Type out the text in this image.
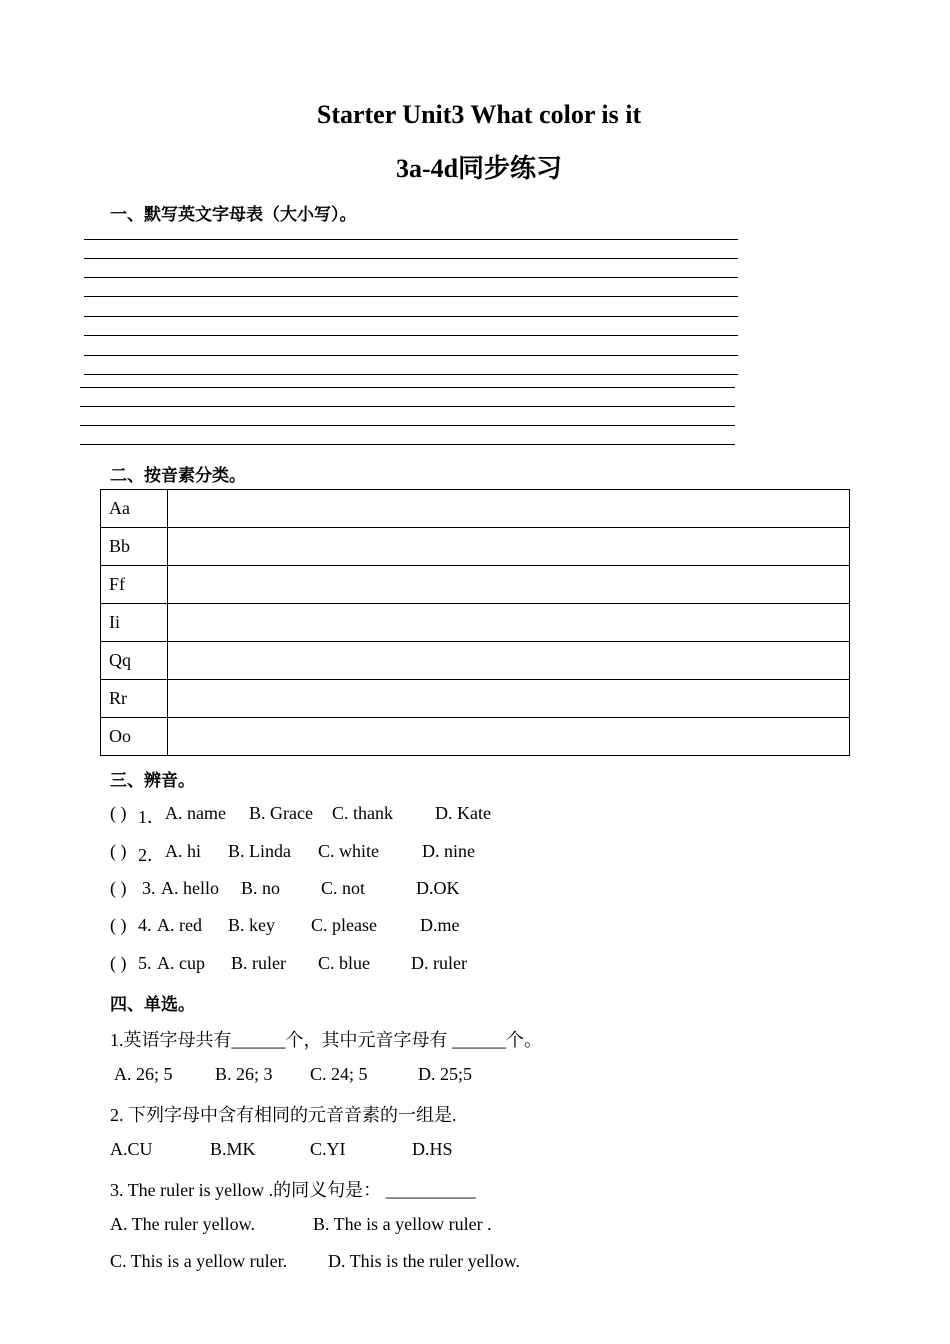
Starter Unit3 What color is it
3a-4d同步练习
一、默写英文字母表（大小写）。
二、按音素分类。
Aa	
Bb	
Ff	
Ii	
Qq	
Rr	
Oo	
三、辨音。
( ) 1． A. name B. Grace C. thank D. Kate
( ) 2． A. hi B. Linda C. white D. nine
( ) 3. A. hello B. no C. not	D.OK
( ) 4. A. red B. key C. please D.me
( ) 5. A. cup B. ruler C. blue D. ruler
四、单选。
1.英语字母共有______个，其中元音字母有 ______个。
A. 26; 5 B. 26; 3 C. 24; 5	D. 25;5
2. 下列字母中含有相同的元音音素的一组是.
A.CU	B.MK	C.YI	D.HS
3. The ruler is yellow .的同义句是： __________
A. The ruler yellow.	B. The is a yellow ruler .
C. This is a yellow ruler. D. This is the ruler yellow.
